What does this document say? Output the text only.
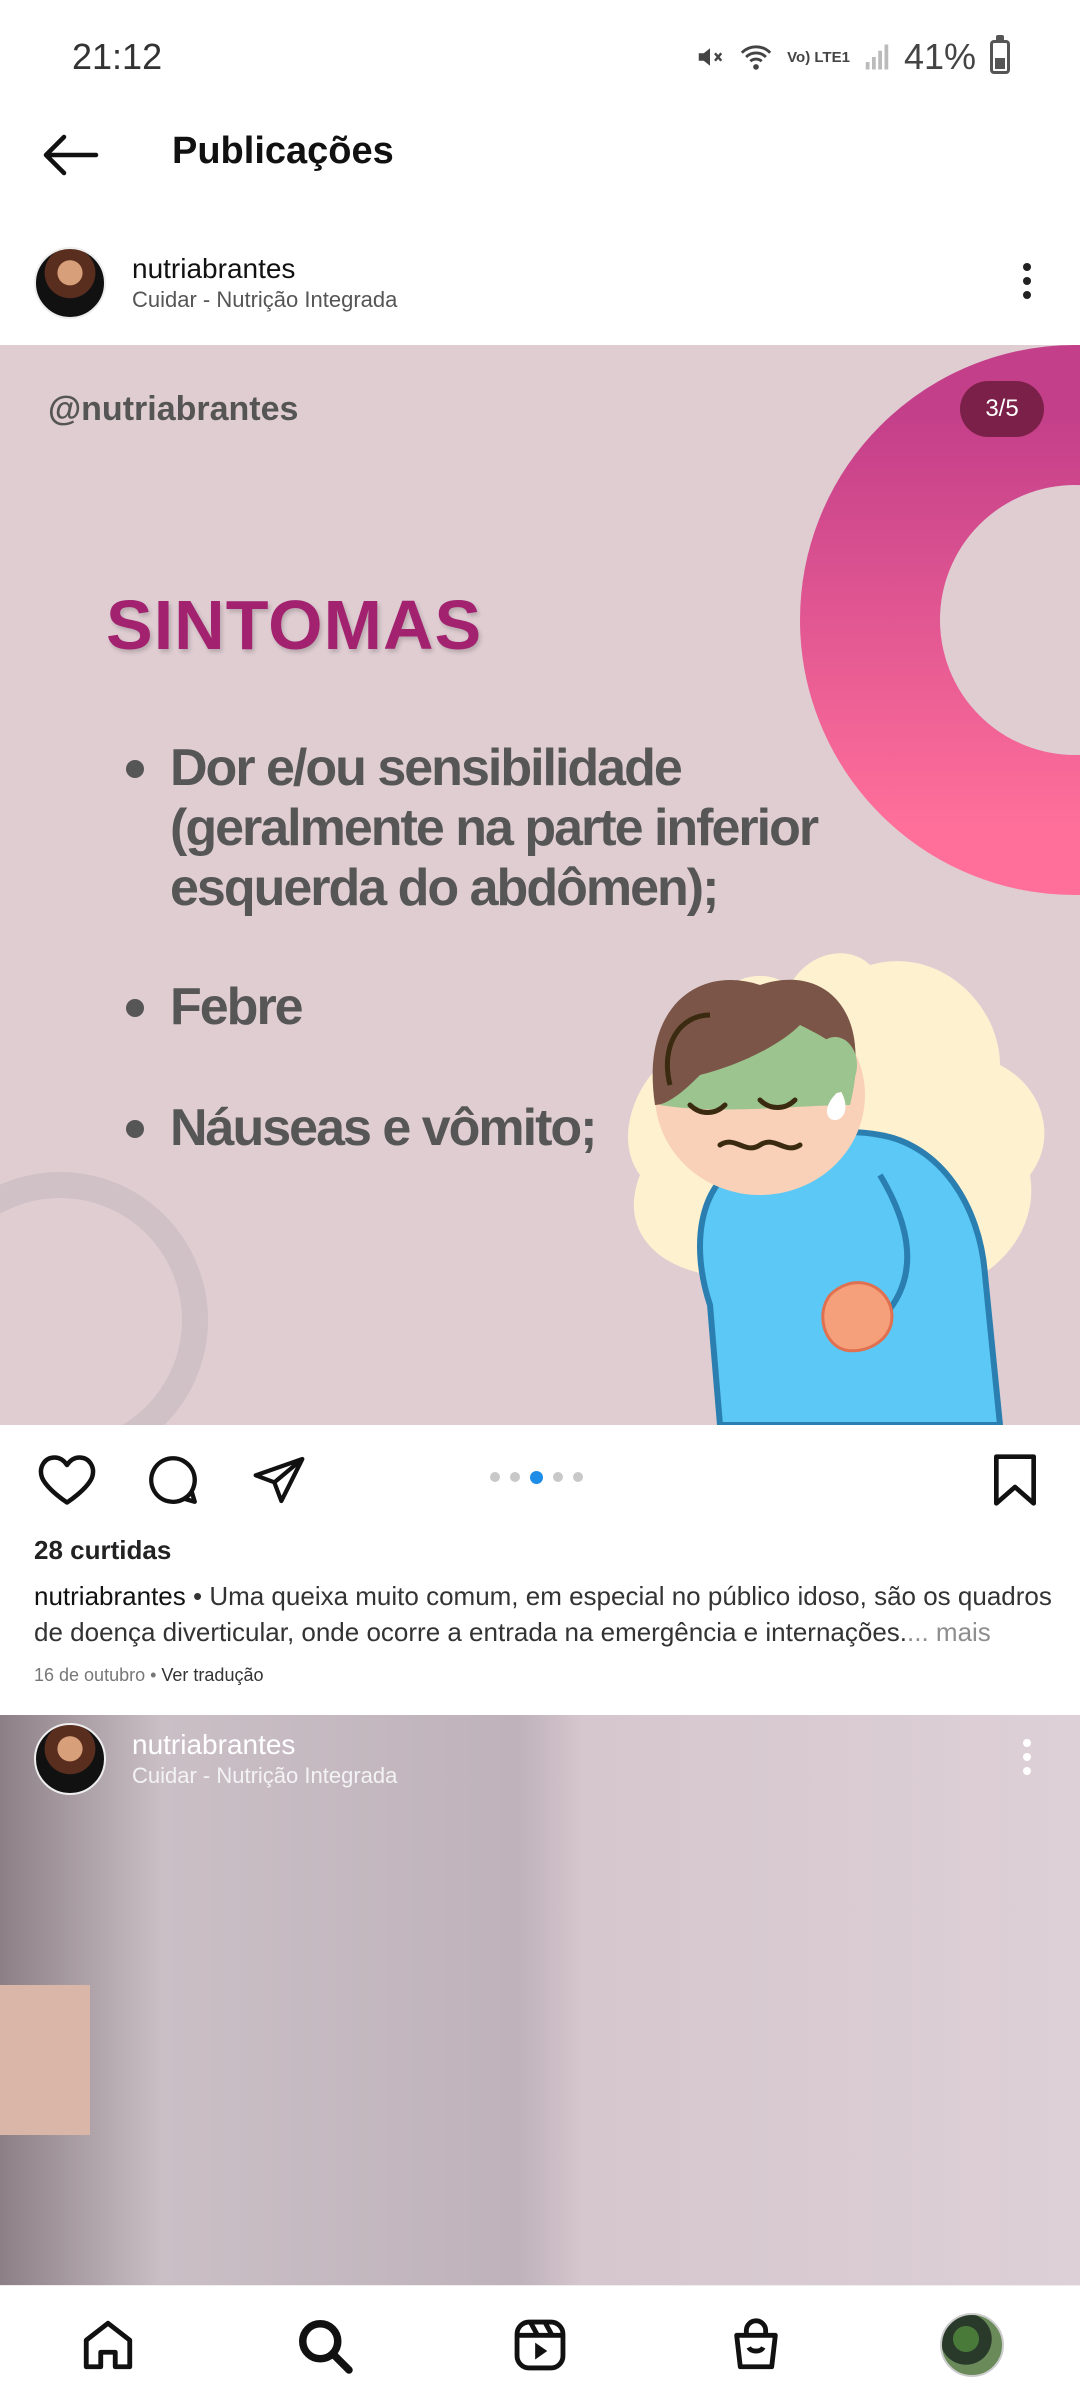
21:12	Vo) LTE1 41%
Publicações
nutriabrantes
Cuidar - Nutrição Integrada
@nutriabrantes	3/5
SINTOMAS
Dor e/ou sensibilidade (geralmente na parte inferior esquerda do abdômen);
Febre
Náuseas e vômito;
28 curtidas
nutriabrantes • Uma queixa muito comum, em especial no público idoso, são os quadros de doença diverticular, onde ocorre a entrada na emergência e internações.... mais
16 de outubro • Ver tradução
nutriabrantes
Cuidar - Nutrição Integrada
